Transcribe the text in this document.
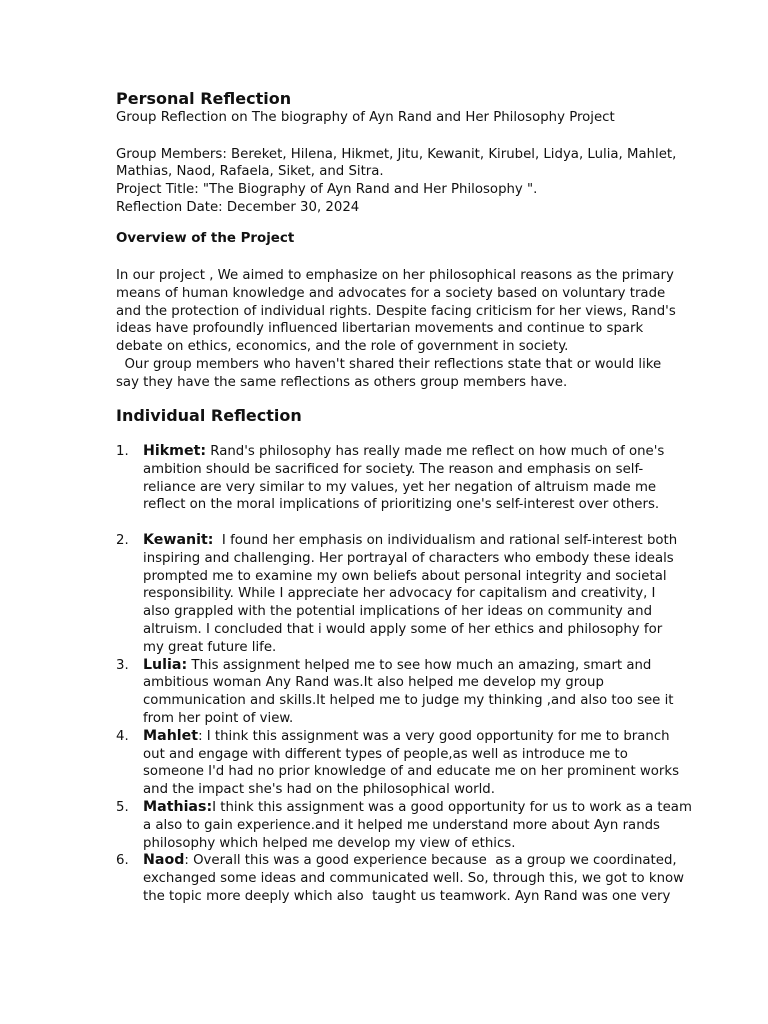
Personal Reflection
Group Reflection on The biography of Ayn Rand and Her Philosophy Project
Group Members: Bereket, Hilena, Hikmet, Jitu, Kewanit, Kirubel, Lidya, Lulia, Mahlet,
Mathias, Naod, Rafaela, Siket, and Sitra.
Project Title: "The Biography of Ayn Rand and Her Philosophy ".
Reflection Date: December 30, 2024
Overview of the Project
In our project , We aimed to emphasize on her philosophical reasons as the primary
means of human knowledge and advocates for a society based on voluntary trade
and the protection of individual rights. Despite facing criticism for her views, Rand's
ideas have profoundly influenced libertarian movements and continue to spark
debate on ethics, economics, and the role of government in society.
Our group members who haven't shared their reflections state that or would like
say they have the same reflections as others group members have.
Individual Reflection
1.	Hikmet: Rand's philosophy has really made me reflect on how much of one's
ambition should be sacrificed for society. The reason and emphasis on self-
reliance are very similar to my values, yet her negation of altruism made me
reflect on the moral implications of prioritizing one's self-interest over others.
2.	Kewanit:  I found her emphasis on individualism and rational self-interest both
inspiring and challenging. Her portrayal of characters who embody these ideals
prompted me to examine my own beliefs about personal integrity and societal
responsibility. While I appreciate her advocacy for capitalism and creativity, I
also grappled with the potential implications of her ideas on community and
altruism. I concluded that i would apply some of her ethics and philosophy for
my great future life.
3.	Lulia: This assignment helped me to see how much an amazing, smart and
ambitious woman Any Rand was.It also helped me develop my group
communication and skills.It helped me to judge my thinking ,and also too see it
from her point of view.
4.	Mahlet: I think this assignment was a very good opportunity for me to branch
out and engage with different types of people,as well as introduce me to
someone I'd had no prior knowledge of and educate me on her prominent works
and the impact she's had on the philosophical world.
5.	Mathias:I think this assignment was a good opportunity for us to work as a team
a also to gain experience.and it helped me understand more about Ayn rands
philosophy which helped me develop my view of ethics.
6.	Naod: Overall this was a good experience because  as a group we coordinated,
exchanged some ideas and communicated well. So, through this, we got to know
the topic more deeply which also  taught us teamwork. Ayn Rand was one very
